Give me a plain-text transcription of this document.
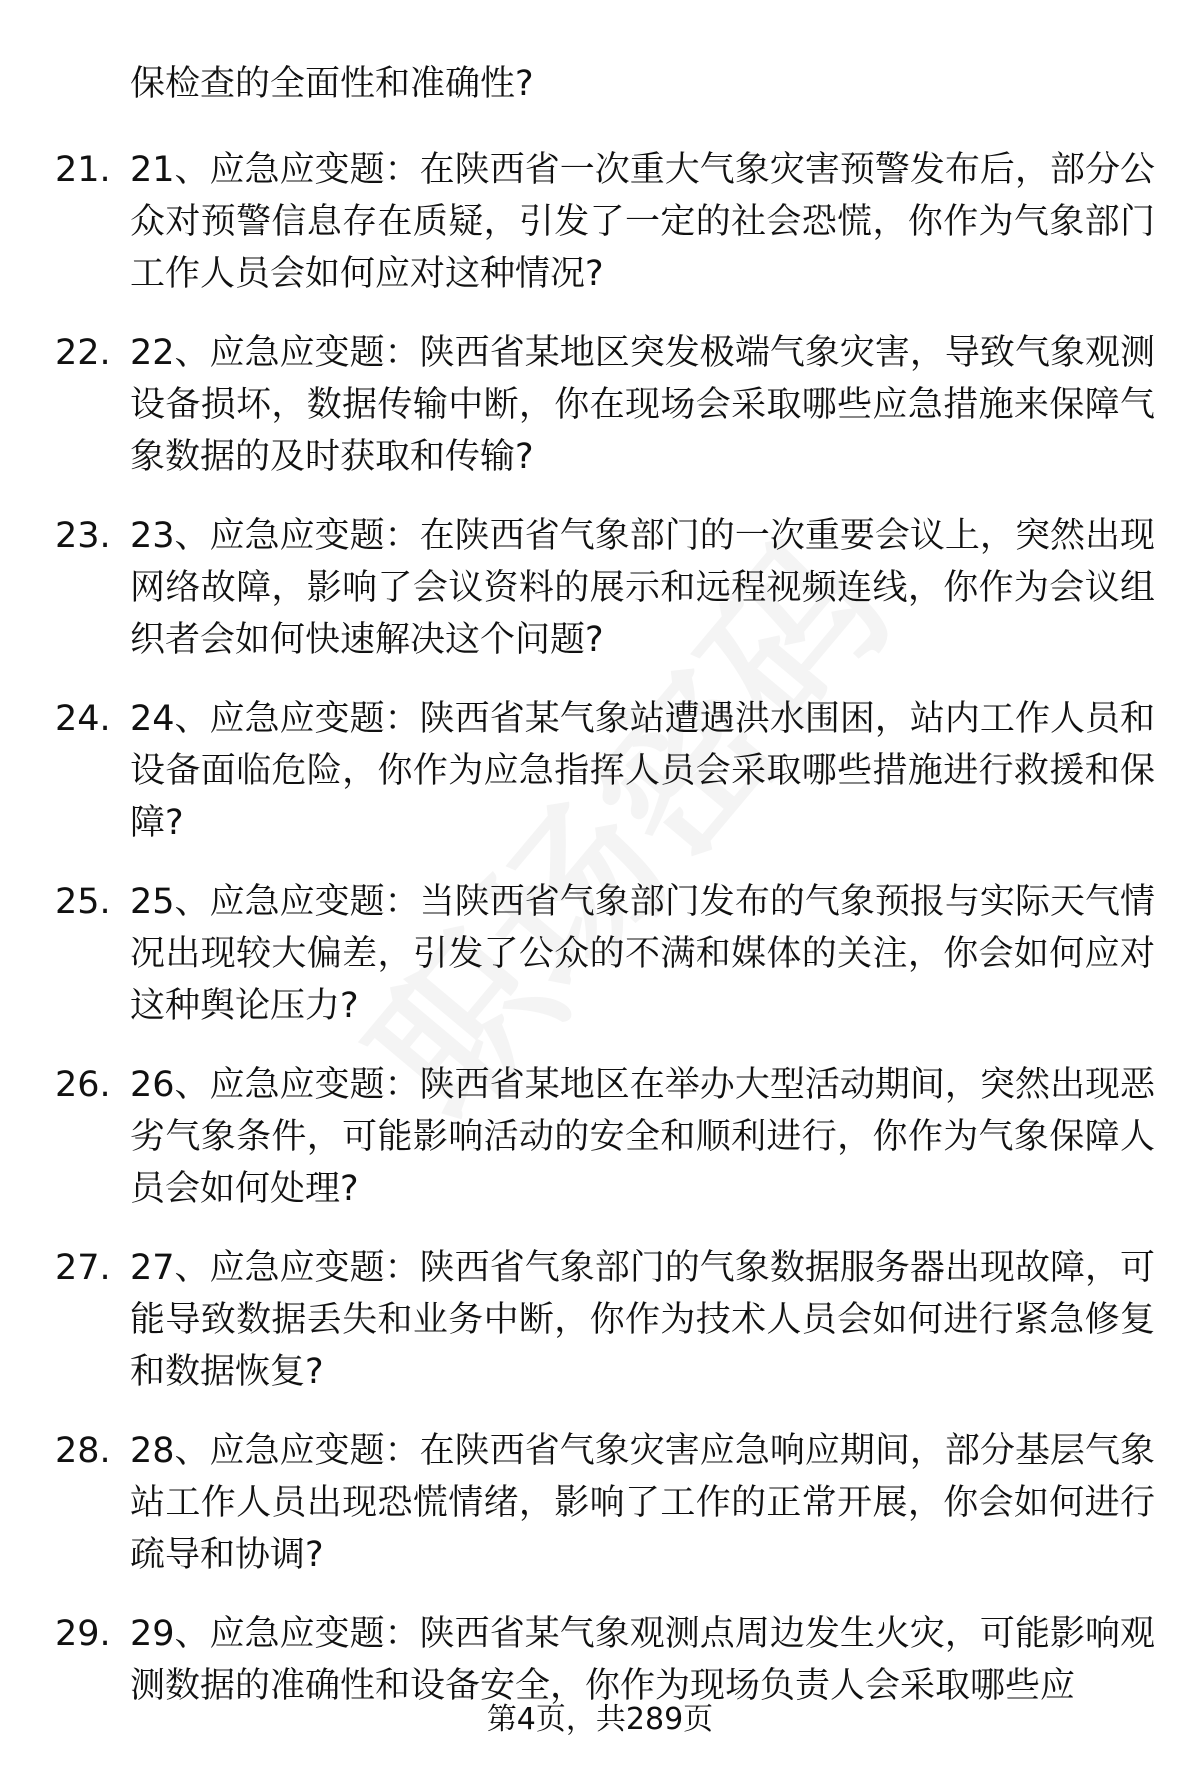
保检查的全面性和准确性?
21. 21、应急应变题：在陕西省一次重大气象灾害预警发布后，部分公众对预警信息存在质疑，引发了一定的社会恐慌，你作为气象部门工作人员会如何应对这种情况?
22. 22、应急应变题：陕西省某地区突发极端气象灾害，导致气象观测设备损坏，数据传输中断，你在现场会采取哪些应急措施来保障气象数据的及时获取和传输?
23. 23、应急应变题：在陕西省气象部门的一次重要会议上，突然出现网络故障，影响了会议资料的展示和远程视频连线，你作为会议组织者会如何快速解决这个问题?
24. 24、应急应变题：陕西省某气象站遭遇洪水围困，站内工作人员和设备面临危险，你作为应急指挥人员会采取哪些措施进行救援和保障?
25. 25、应急应变题：当陕西省气象部门发布的气象预报与实际天气情况出现较大偏差，引发了公众的不满和媒体的关注，你会如何应对这种舆论压力?
26. 26、应急应变题：陕西省某地区在举办大型活动期间，突然出现恶劣气象条件，可能影响活动的安全和顺利进行，你作为气象保障人员会如何处理?
27. 27、应急应变题：陕西省气象部门的气象数据服务器出现故障，可能导致数据丢失和业务中断，你作为技术人员会如何进行紧急修复和数据恢复?
28. 28、应急应变题：在陕西省气象灾害应急响应期间，部分基层气象站工作人员出现恐慌情绪，影响了工作的正常开展，你会如何进行疏导和协调?
29. 29、应急应变题：陕西省某气象观测点周边发生火灾，可能影响观测数据的准确性和设备安全，你作为现场负责人会采取哪些应
第4页，共289页
